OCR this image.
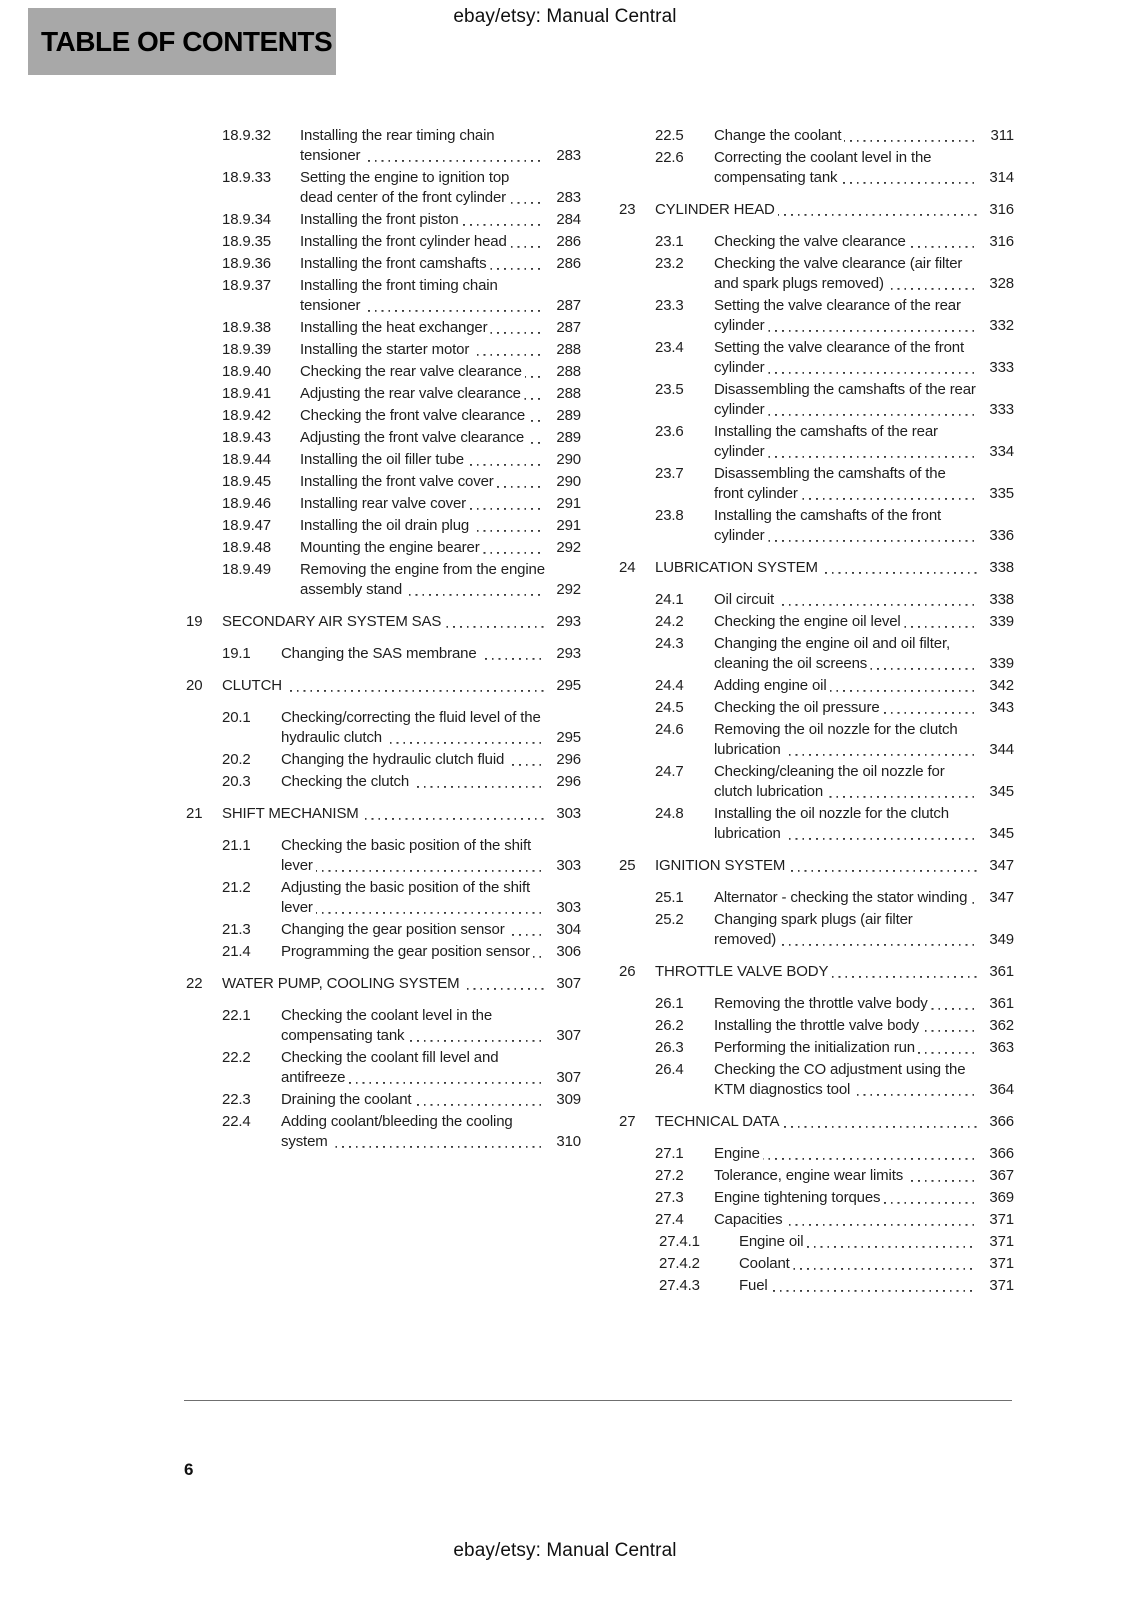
ebay/etsy: Manual Central
TABLE OF CONTENTS
18.9.32	Installing the rear timing chain tensioner	283
18.9.33	Setting the engine to ignition top dead center of the front cylinder	283
18.9.34	Installing the front piston	284
18.9.35	Installing the front cylinder head	286
18.9.36	Installing the front camshafts	286
18.9.37	Installing the front timing chain tensioner	287
18.9.38	Installing the heat exchanger	287
18.9.39	Installing the starter motor	288
18.9.40	Checking the rear valve clearance	288
18.9.41	Adjusting the rear valve clearance	288
18.9.42	Checking the front valve clearance	289
18.9.43	Adjusting the front valve clearance	289
18.9.44	Installing the oil filler tube	290
18.9.45	Installing the front valve cover	290
18.9.46	Installing rear valve cover	291
18.9.47	Installing the oil drain plug	291
18.9.48	Mounting the engine bearer	292
18.9.49	Removing the engine from the engine assembly stand	292
19	SECONDARY AIR SYSTEM SAS	293
19.1	Changing the SAS membrane	293
20	CLUTCH	295
20.1	Checking/correcting the fluid level of the hydraulic clutch	295
20.2	Changing the hydraulic clutch fluid	296
20.3	Checking the clutch	296
21	SHIFT MECHANISM	303
21.1	Checking the basic position of the shift lever	303
21.2	Adjusting the basic position of the shift lever	303
21.3	Changing the gear position sensor	304
21.4	Programming the gear position sensor	306
22	WATER PUMP, COOLING SYSTEM	307
22.1	Checking the coolant level in the compensating tank	307
22.2	Checking the coolant fill level and antifreeze	307
22.3	Draining the coolant	309
22.4	Adding coolant/bleeding the cooling system	310
22.5	Change the coolant	311
22.6	Correcting the coolant level in the compensating tank	314
23	CYLINDER HEAD	316
23.1	Checking the valve clearance	316
23.2	Checking the valve clearance (air filter and spark plugs removed)	328
23.3	Setting the valve clearance of the rear cylinder	332
23.4	Setting the valve clearance of the front cylinder	333
23.5	Disassembling the camshafts of the rear cylinder	333
23.6	Installing the camshafts of the rear cylinder	334
23.7	Disassembling the camshafts of the front cylinder	335
23.8	Installing the camshafts of the front cylinder	336
24	LUBRICATION SYSTEM	338
24.1	Oil circuit	338
24.2	Checking the engine oil level	339
24.3	Changing the engine oil and oil filter, cleaning the oil screens	339
24.4	Adding engine oil	342
24.5	Checking the oil pressure	343
24.6	Removing the oil nozzle for the clutch lubrication	344
24.7	Checking/cleaning the oil nozzle for clutch lubrication	345
24.8	Installing the oil nozzle for the clutch lubrication	345
25	IGNITION SYSTEM	347
25.1	Alternator - checking the stator winding	347
25.2	Changing spark plugs (air filter removed)	349
26	THROTTLE VALVE BODY	361
26.1	Removing the throttle valve body	361
26.2	Installing the throttle valve body	362
26.3	Performing the initialization run	363
26.4	Checking the CO adjustment using the KTM diagnostics tool	364
27	TECHNICAL DATA	366
27.1	Engine	366
27.2	Tolerance, engine wear limits	367
27.3	Engine tightening torques	369
27.4	Capacities	371
27.4.1	Engine oil	371
27.4.2	Coolant	371
27.4.3	Fuel	371
6
ebay/etsy: Manual Central
